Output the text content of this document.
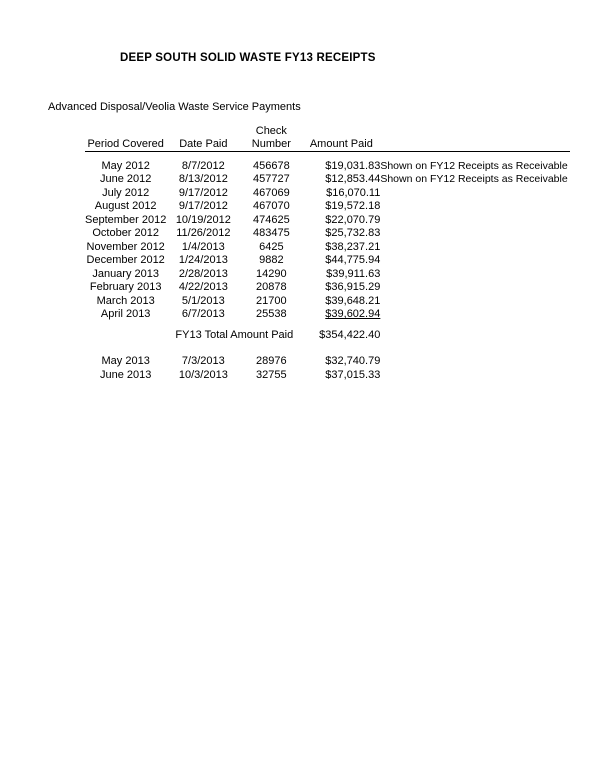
DEEP SOUTH SOLID WASTE FY13 RECEIPTS
Advanced Disposal/Veolia Waste Service Payments
		Check		
Period Covered	Date Paid	Number	Amount Paid	

May 2012	8/7/2012	456678	$19,031.83	Shown on FY12 Receipts as Receivable
June 2012	8/13/2012	457727	$12,853.44	Shown on FY12 Receipts as Receivable
July 2012	9/17/2012	467069	$16,070.11	
August 2012	9/17/2012	467070	$19,572.18	
September 2012	10/19/2012	474625	$22,070.79	
October 2012	11/26/2012	483475	$25,732.83	
November 2012	1/4/2013	6425	$38,237.21	
December 2012	1/24/2013	9882	$44,775.94	
January 2013	2/28/2013	14290	$39,911.63	
February 2013	4/22/2013	20878	$36,915.29	
March 2013	5/1/2013	21700	$39,648.21	
April 2013	6/7/2013	25538	$39,602.94	

	FY13 Total Amount Paid		$354,422.40	

May 2013	7/3/2013	28976	$32,740.79	
June 2013	10/3/2013	32755	$37,015.33	
